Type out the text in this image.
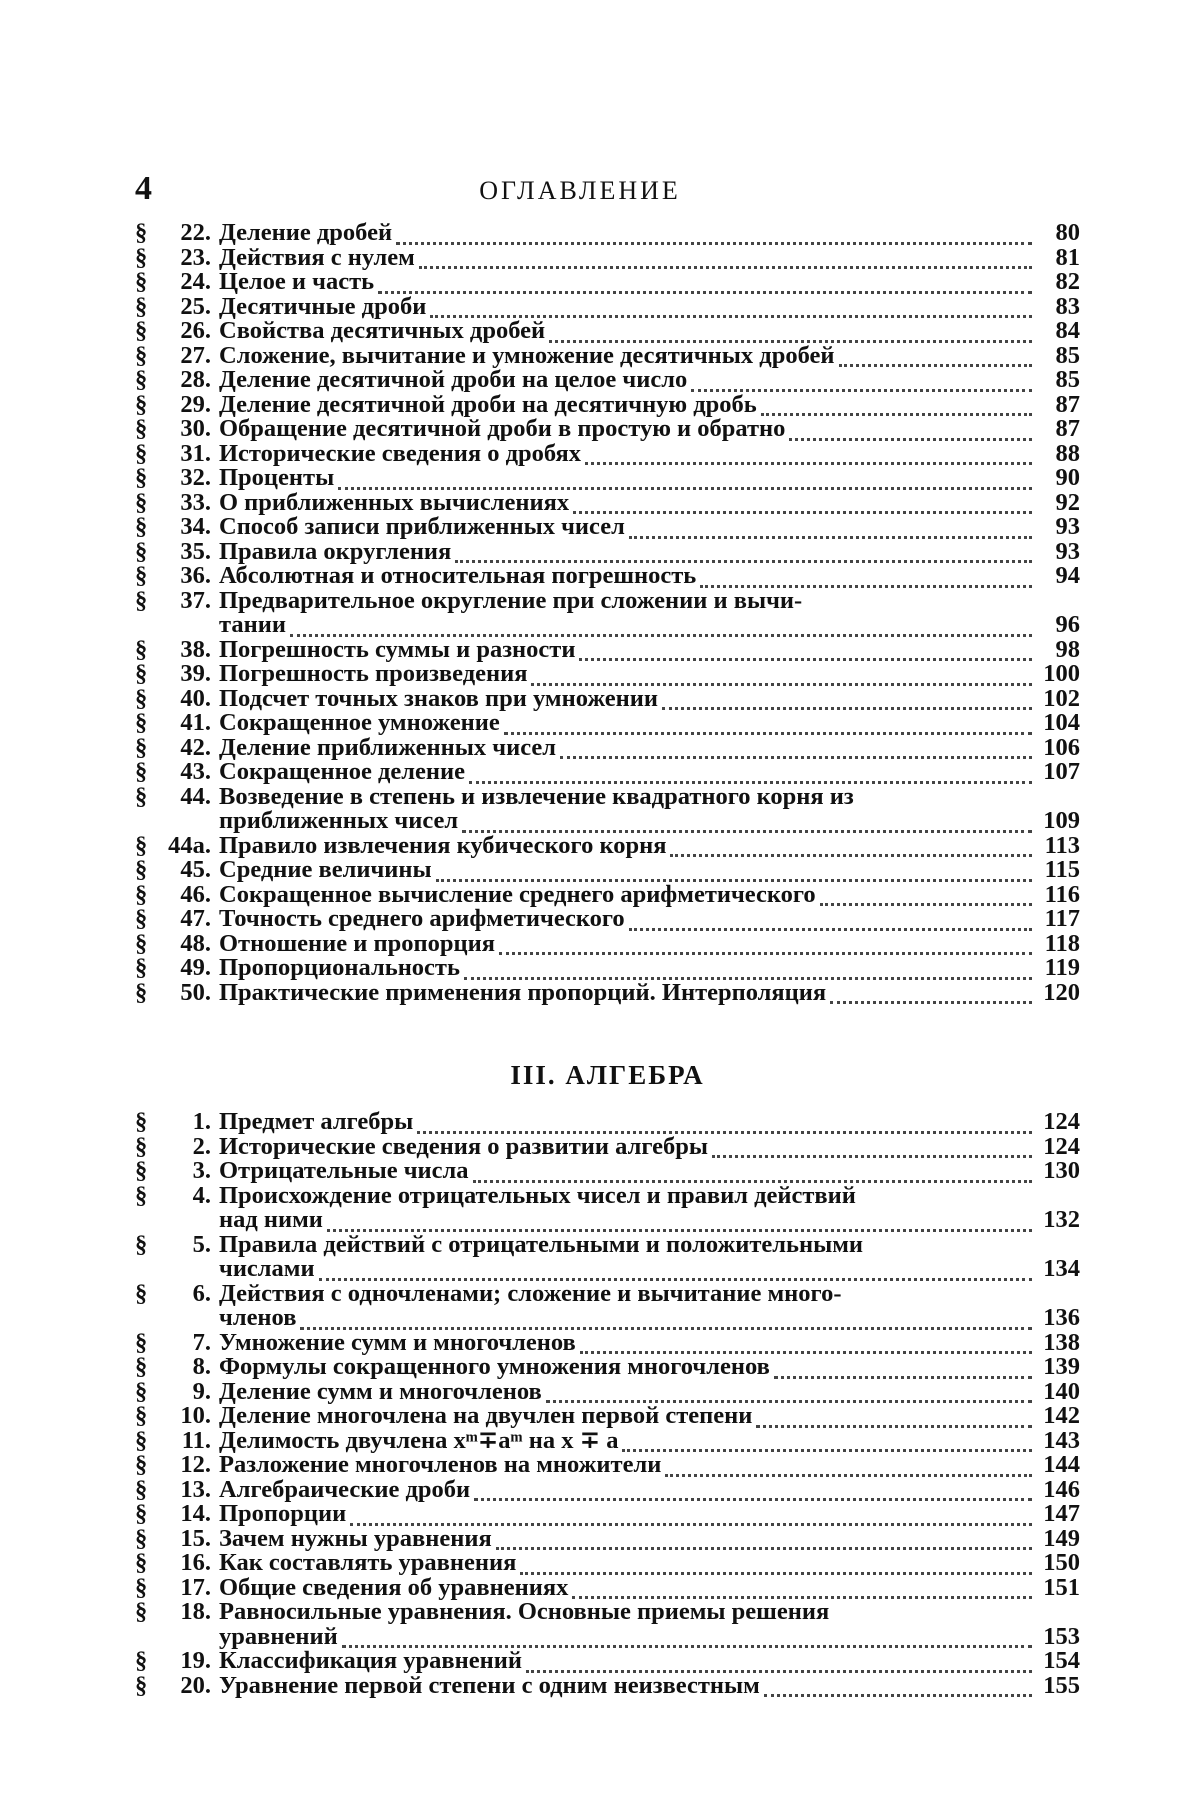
4	ОГЛАВЛЕНИЕ
§	22. Деление дробей	80
§	23. Действия с нулем	81
§	24. Целое и часть	82
§	25. Десятичные дроби	83
§	26. Свойства десятичных дробей	84
§	27. Сложение, вычитание и умножение десятичных дробей	85
§	28. Деление десятичной дроби на целое число	85
§	29. Деление десятичной дроби на десятичную дробь	87
§	30. Обращение десятичной дроби в простую и обратно	87
§	31. Исторические сведения о дробях	88
§	32. Проценты	90
§	33. О приближенных вычислениях	92
§	34. Способ записи приближенных чисел	93
§	35. Правила округления	93
§	36. Абсолютная и относительная погрешность	94
§	37. Предварительное округление при сложении и вычи-
тании	96
§	38. Погрешность суммы и разности	98
§	39. Погрешность произведения	100
§	40. Подсчет точных знаков при умножении	102
§	41. Сокращенное умножение	104
§	42. Деление приближенных чисел	106
§	43. Сокращенное деление	107
§	44. Возведение в степень и извлечение квадратного корня из
приближенных чисел	109
§ 44а. Правило извлечения кубического корня	113
§	45. Средние величины	115
§	46. Сокращенное вычисление среднего арифметического	116
§	47. Точность среднего арифметического	117
§	48. Отношение и пропорция	118
§	49. Пропорциональность	119
§	50. Практические применения пропорций. Интерполяция	120
III. АЛГЕБРА
§	1. Предмет алгебры	124
§	2. Исторические сведения о развитии алгебры	124
§	3. Отрицательные числа	130
§	4. Происхождение отрицательных чисел и правил действий
над ними	132
§	5. Правила действий с отрицательными и положительными
числами	134
§	6. Действия с одночленами; сложение и вычитание много-
членов	136
§	7. Умножение сумм и многочленов	138
§	8. Формулы сокращенного умножения многочленов	139
§	9. Деление сумм и многочленов	140
§	10. Деление многочлена на двучлен первой степени	142
§	11. Делимость двучлена xᵐ∓aᵐ на x ∓ a	143
§	12. Разложение многочленов на множители	144
§	13. Алгебраические дроби	146
§	14. Пропорции	147
§	15. Зачем нужны уравнения	149
§	16. Как составлять уравнения	150
§	17. Общие сведения об уравнениях	151
§	18. Равносильные уравнения. Основные приемы решения
уравнений	153
§	19. Классификация уравнений	154
§	20. Уравнение первой степени с одним неизвестным	155
